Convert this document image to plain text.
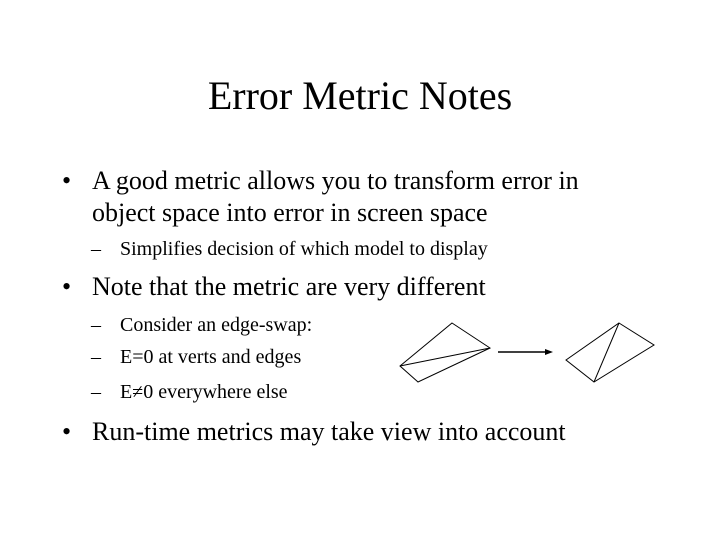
Error Metric Notes
• A good metric allows you to transform error in
object space into error in screen space
– Simplifies decision of which model to display
• Note that the metric are very different
– Consider an edge-swap:
– E=0 at verts and edges
– E≠0 everywhere else
• Run-time metrics may take view into account
